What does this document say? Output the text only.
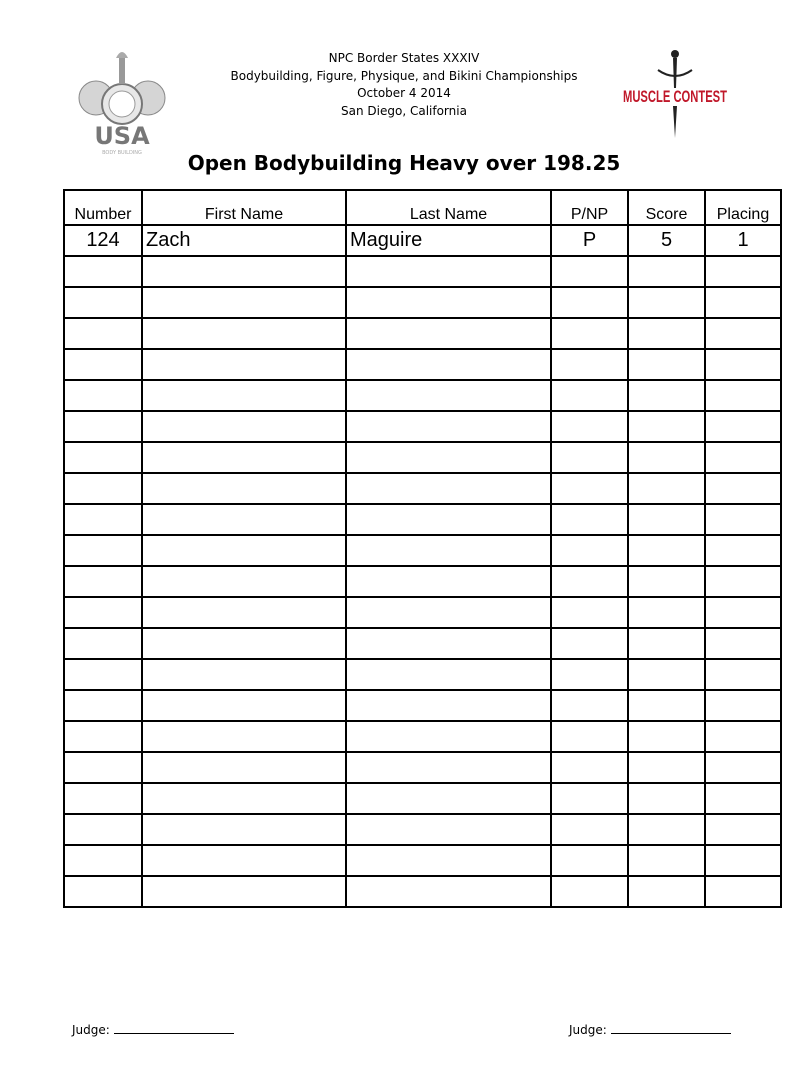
USA
BODY BUILDING
MUSCLE CONTEST
NPC Border States XXXIV
Bodybuilding, Figure, Physique, and Bikini Championships
October 4 2014
San Diego, California
Open Bodybuilding Heavy over 198.25
Number	First Name	Last Name	P/NP	Score	Placing
124	Zach	Maguire	P	5	1

Judge:	Judge:
